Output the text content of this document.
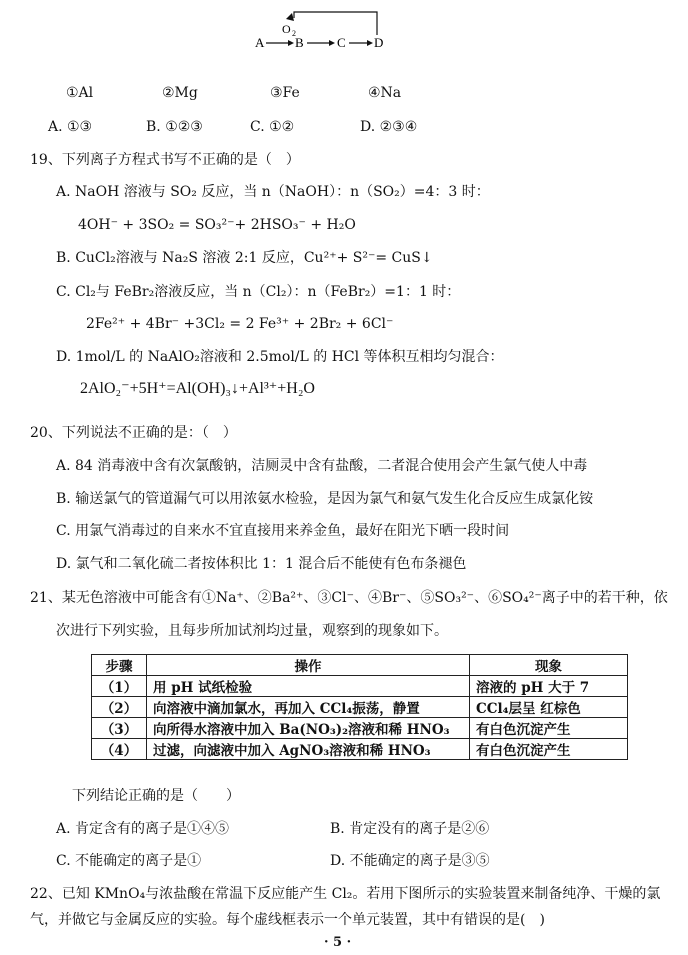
O 2
A B	C D
①Al	②Mg	③Fe	④Na
A. ①③	B. ①②③	C. ①②	D. ②③④
19、下列离子方程式书写不正确的是（　）
A. NaOH 溶液与 SO₂ 反应，当 n（NaOH）：n（SO₂）=4：3 时：
4OH⁻ + 3SO₂ = SO₃²⁻+ 2HSO₃⁻ + H₂O
B. CuCl₂溶液与 Na₂S 溶液 2:1 反应，Cu²⁺+ S²⁻= CuS↓
C. Cl₂与 FeBr₂溶液反应，当 n（Cl₂）：n（FeBr₂）=1：1 时：
2Fe²⁺ + 4Br⁻ +3Cl₂ = 2 Fe³⁺ + 2Br₂ + 6Cl⁻
D. 1mol/L 的 NaAlO₂溶液和 2.5mol/L 的 HCl 等体积互相均匀混合：
2AlO₂⁻+5H⁺=Al(OH)₃↓+Al³⁺+H₂O
20、下列说法不正确的是：（　）
A. 84 消毒液中含有次氯酸钠，洁厕灵中含有盐酸，二者混合使用会产生氯气使人中毒
B. 输送氯气的管道漏气可以用浓氨水检验，是因为氯气和氨气发生化合反应生成氯化铵
C. 用氯气消毒过的自来水不宜直接用来养金鱼，最好在阳光下晒一段时间
D. 氯气和二氧化硫二者按体积比 1：1 混合后不能使有色布条褪色
21、某无色溶液中可能含有①Na⁺、②Ba²⁺、③Cl⁻、④Br⁻、⑤SO₃²⁻、⑥SO₄²⁻离子中的若干种，依
次进行下列实验，且每步所加试剂均过量，观察到的现象如下。
步骤	操作	现象
（1）	用 pH 试纸检验	溶液的 pH 大于 7
（2）	向溶液中滴加氯水，再加入 CCl₄振荡，静置	CCl₄层呈 红棕色
（3）	向所得水溶液中加入 Ba(NO₃)₂溶液和稀 HNO₃	有白色沉淀产生
（4）	过滤，向滤液中加入 AgNO₃溶液和稀 HNO₃	有白色沉淀产生
下列结论正确的是（　　）
A. 肯定含有的离子是①④⑤	B. 肯定没有的离子是②⑥
C. 不能确定的离子是①	D. 不能确定的离子是③⑤
22、已知 KMnO₄与浓盐酸在常温下反应能产生 Cl₂。若用下图所示的实验装置来制备纯净、干燥的氯
气，并做它与金属反应的实验。每个虚线框表示一个单元装置，其中有错误的是(　)
· 5 ·
